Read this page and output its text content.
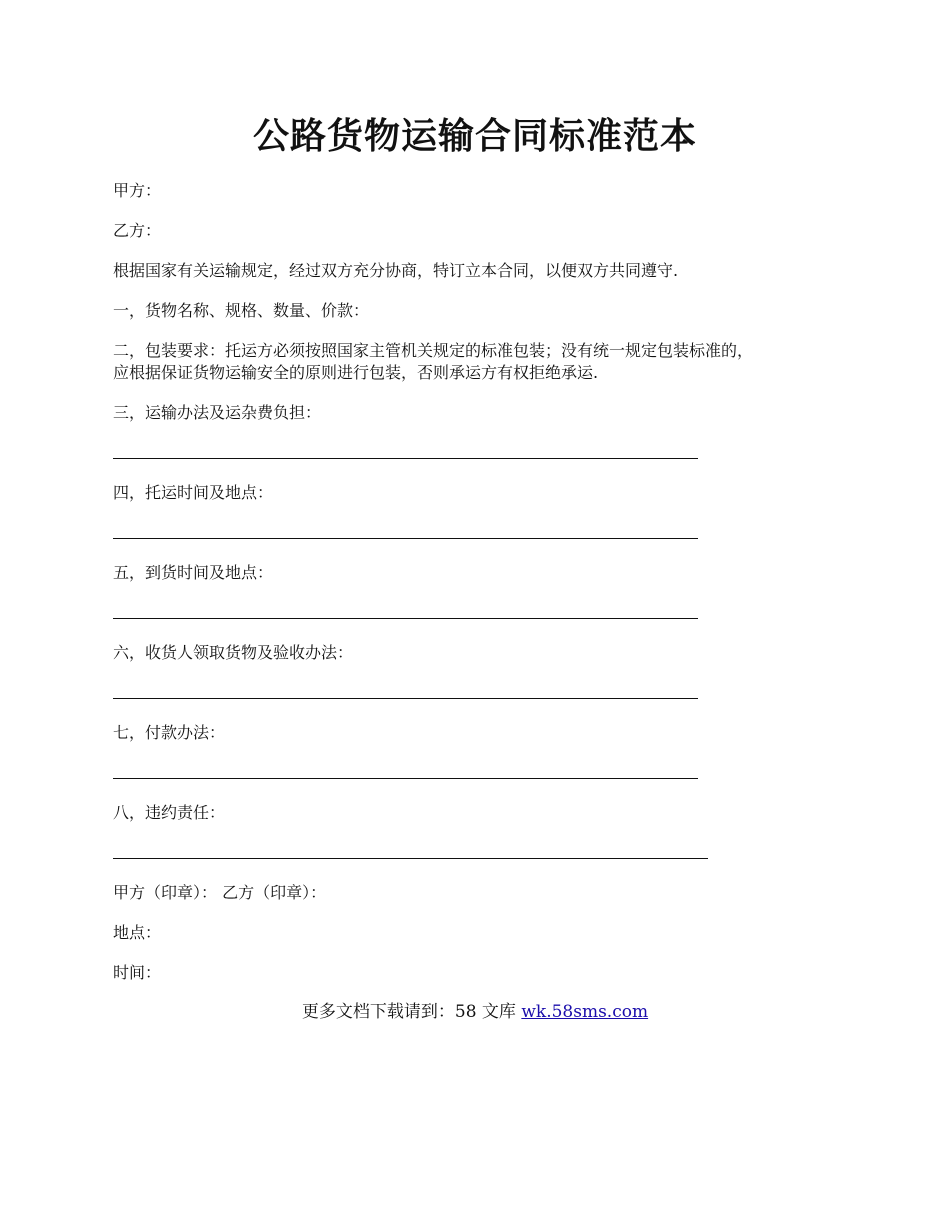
公路货物运输合同标准范本

甲方：

乙方：

根据国家有关运输规定，经过双方充分协商，特订立本合同，以便双方共同遵守.

一，货物名称、规格、数量、价款：

二，包装要求：托运方必须按照国家主管机关规定的标准包装；没有统一规定包装标准的，
应根据保证货物运输安全的原则进行包装，否则承运方有权拒绝承运.

三，运输办法及运杂费负担：

四，托运时间及地点：

五，到货时间及地点：

六，收货人领取货物及验收办法：

七，付款办法：

八，违约责任：

甲方（印章）： 乙方（印章）：

地点：

时间：

更多文档下载请到：58 文库 wk.58sms.com
